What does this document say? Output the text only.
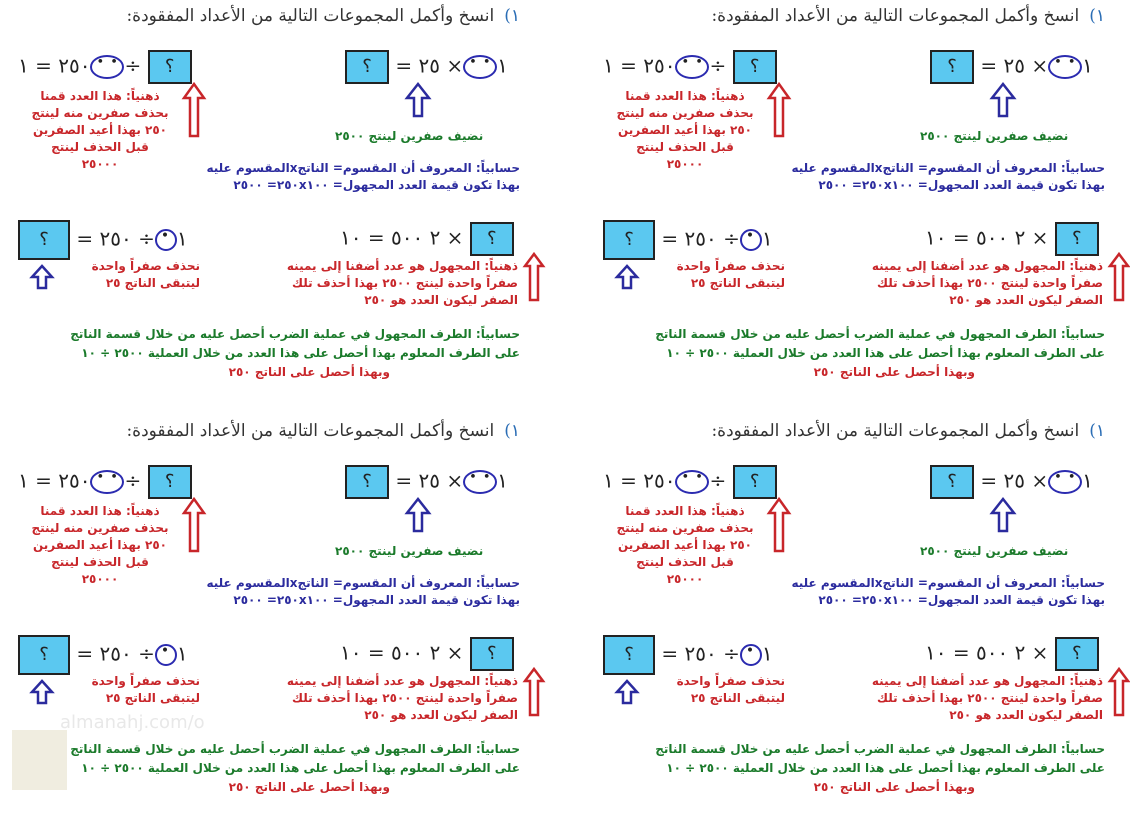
١)انسخ وأكمل المجموعات التالية من الأعداد المفقودة:
؟ = ١• •× ٢٥
نضيف صفرين لينتج ٢٥٠٠
٢٥٠ = ١ • • ÷ ؟
ذهنياً: هذا العدد قمنا
بحذف صفرين منه لينتج
٢٥٠ بهذا أعيد الصفرين
قبل الحذف لينتج
٢٥٠٠٠	حسابياً: المعروف أن المقسوم= الناتجxالمقسوم عليه
بهذا تكون قيمة العدد المجهول= ٢٥٠x١٠٠= ٢٥٠٠
٢ ٥٠٠ = ١٠ × ؟
ذهنياً: المجهول هو عدد أضفنا إلى يمينه
صفراً واحدة لينتج ٢٥٠٠ بهذا أحذف تلك
الصفر ليكون العدد هو ٢٥٠
؟ = ١•÷ ٢٥٠
نحذف صفراً واحدة
ليتبقى الناتج ٢٥
حسابياً: الطرف المجهول في عملية الضرب أحصل عليه من خلال قسمة الناتج
على الطرف المعلوم بهذا أحصل على هذا العدد من خلال العملية ٢٥٠٠ ÷ ١٠
وبهذا أحصل على الناتج ٢٥٠
١)انسخ وأكمل المجموعات التالية من الأعداد المفقودة:
؟ = ١• •× ٢٥
نضيف صفرين لينتج ٢٥٠٠
٢٥٠ = ١ • • ÷ ؟
ذهنياً: هذا العدد قمنا
بحذف صفرين منه لينتج
٢٥٠ بهذا أعيد الصفرين
قبل الحذف لينتج
٢٥٠٠٠	حسابياً: المعروف أن المقسوم= الناتجxالمقسوم عليه
بهذا تكون قيمة العدد المجهول= ٢٥٠x١٠٠= ٢٥٠٠
٢ ٥٠٠ = ١٠ × ؟
ذهنياً: المجهول هو عدد أضفنا إلى يمينه
صفراً واحدة لينتج ٢٥٠٠ بهذا أحذف تلك
الصفر ليكون العدد هو ٢٥٠
؟ = ١•÷ ٢٥٠
نحذف صفراً واحدة
ليتبقى الناتج ٢٥
حسابياً: الطرف المجهول في عملية الضرب أحصل عليه من خلال قسمة الناتج
على الطرف المعلوم بهذا أحصل على هذا العدد من خلال العملية ٢٥٠٠ ÷ ١٠
وبهذا أحصل على الناتج ٢٥٠
١)انسخ وأكمل المجموعات التالية من الأعداد المفقودة:
؟ = ١• •× ٢٥
نضيف صفرين لينتج ٢٥٠٠
٢٥٠ = ١ • • ÷ ؟
ذهنياً: هذا العدد قمنا
بحذف صفرين منه لينتج
٢٥٠ بهذا أعيد الصفرين
قبل الحذف لينتج
٢٥٠٠٠	حسابياً: المعروف أن المقسوم= الناتجxالمقسوم عليه
بهذا تكون قيمة العدد المجهول= ٢٥٠x١٠٠= ٢٥٠٠
٢ ٥٠٠ = ١٠ × ؟
ذهنياً: المجهول هو عدد أضفنا إلى يمينه
صفراً واحدة لينتج ٢٥٠٠ بهذا أحذف تلك
الصفر ليكون العدد هو ٢٥٠
؟ = ١•÷ ٢٥٠
نحذف صفراً واحدة
ليتبقى الناتج ٢٥
حسابياً: الطرف المجهول في عملية الضرب أحصل عليه من خلال قسمة الناتج
على الطرف المعلوم بهذا أحصل على هذا العدد من خلال العملية ٢٥٠٠ ÷ ١٠
وبهذا أحصل على الناتج ٢٥٠
١)انسخ وأكمل المجموعات التالية من الأعداد المفقودة:
؟ = ١• •× ٢٥
نضيف صفرين لينتج ٢٥٠٠
٢٥٠ = ١ • • ÷ ؟
ذهنياً: هذا العدد قمنا
بحذف صفرين منه لينتج
٢٥٠ بهذا أعيد الصفرين
قبل الحذف لينتج
٢٥٠٠٠	حسابياً: المعروف أن المقسوم= الناتجxالمقسوم عليه
بهذا تكون قيمة العدد المجهول= ٢٥٠x١٠٠= ٢٥٠٠
٢ ٥٠٠ = ١٠ × ؟
ذهنياً: المجهول هو عدد أضفنا إلى يمينه
صفراً واحدة لينتج ٢٥٠٠ بهذا أحذف تلك
الصفر ليكون العدد هو ٢٥٠
؟ = ١•÷ ٢٥٠
نحذف صفراً واحدة
ليتبقى الناتج ٢٥
حسابياً: الطرف المجهول في عملية الضرب أحصل عليه من خلال قسمة الناتج
على الطرف المعلوم بهذا أحصل على هذا العدد من خلال العملية ٢٥٠٠ ÷ ١٠
وبهذا أحصل على الناتج ٢٥٠
almanahj.com/o
